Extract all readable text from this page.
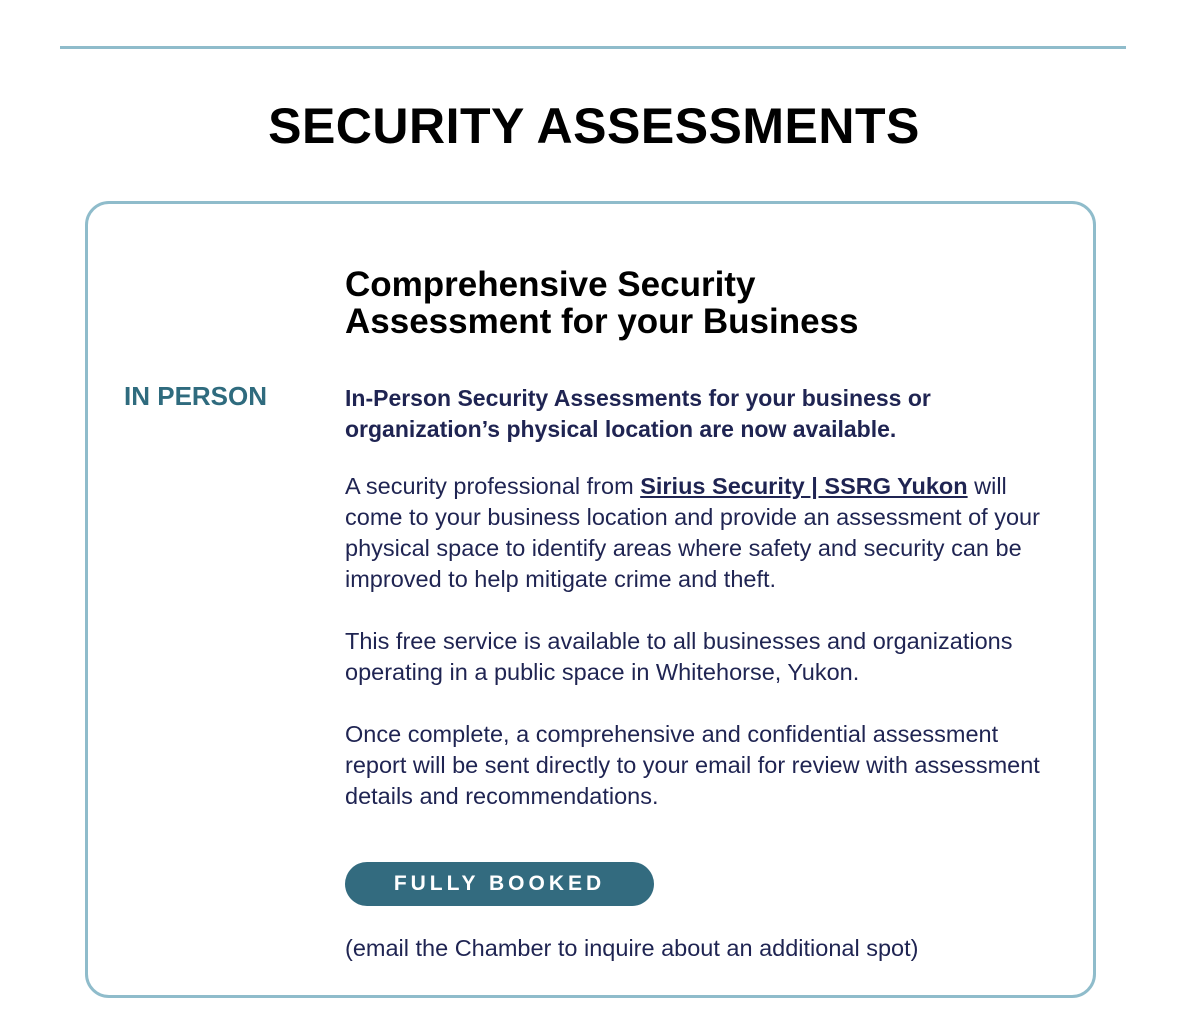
SECURITY ASSESSMENTS

IN PERSON

Comprehensive Security Assessment for your Business

In-Person Security Assessments for your business or organization’s physical location are now available.

A security professional from Sirius Security | SSRG Yukon will come to your business location and provide an assessment of your physical space to identify areas where safety and security can be improved to help mitigate crime and theft.

This free service is available to all businesses and organizations operating in a public space in Whitehorse, Yukon.

Once complete, a comprehensive and confidential assessment report will be sent directly to your email for review with assessment details and recommendations.

FULLY BOOKED

(email the Chamber to inquire about an additional spot)
